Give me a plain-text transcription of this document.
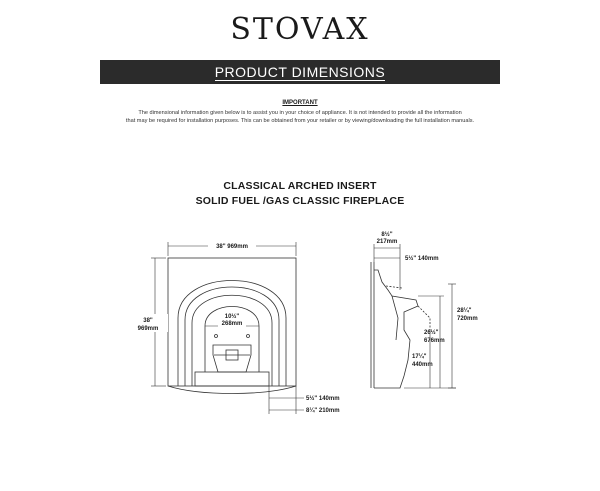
STOVAX
PRODUCT DIMENSIONS
IMPORTANT
The dimensional information given below is to assist you in your choice of appliance. It is not intended to provide all the information
that may be required for installation purposes. This can be obtained from your retailer or by viewing/downloading the full installation manuals.
CLASSICAL ARCHED INSERT
SOLID FUEL /GAS CLASSIC FIREPLACE
38" 969mm
38"
969mm
10½"
268mm
5½" 140mm
8¼" 210mm
8½"
217mm
5½" 140mm
28¼"
720mm
26½"
676mm
17¼"
440mm
